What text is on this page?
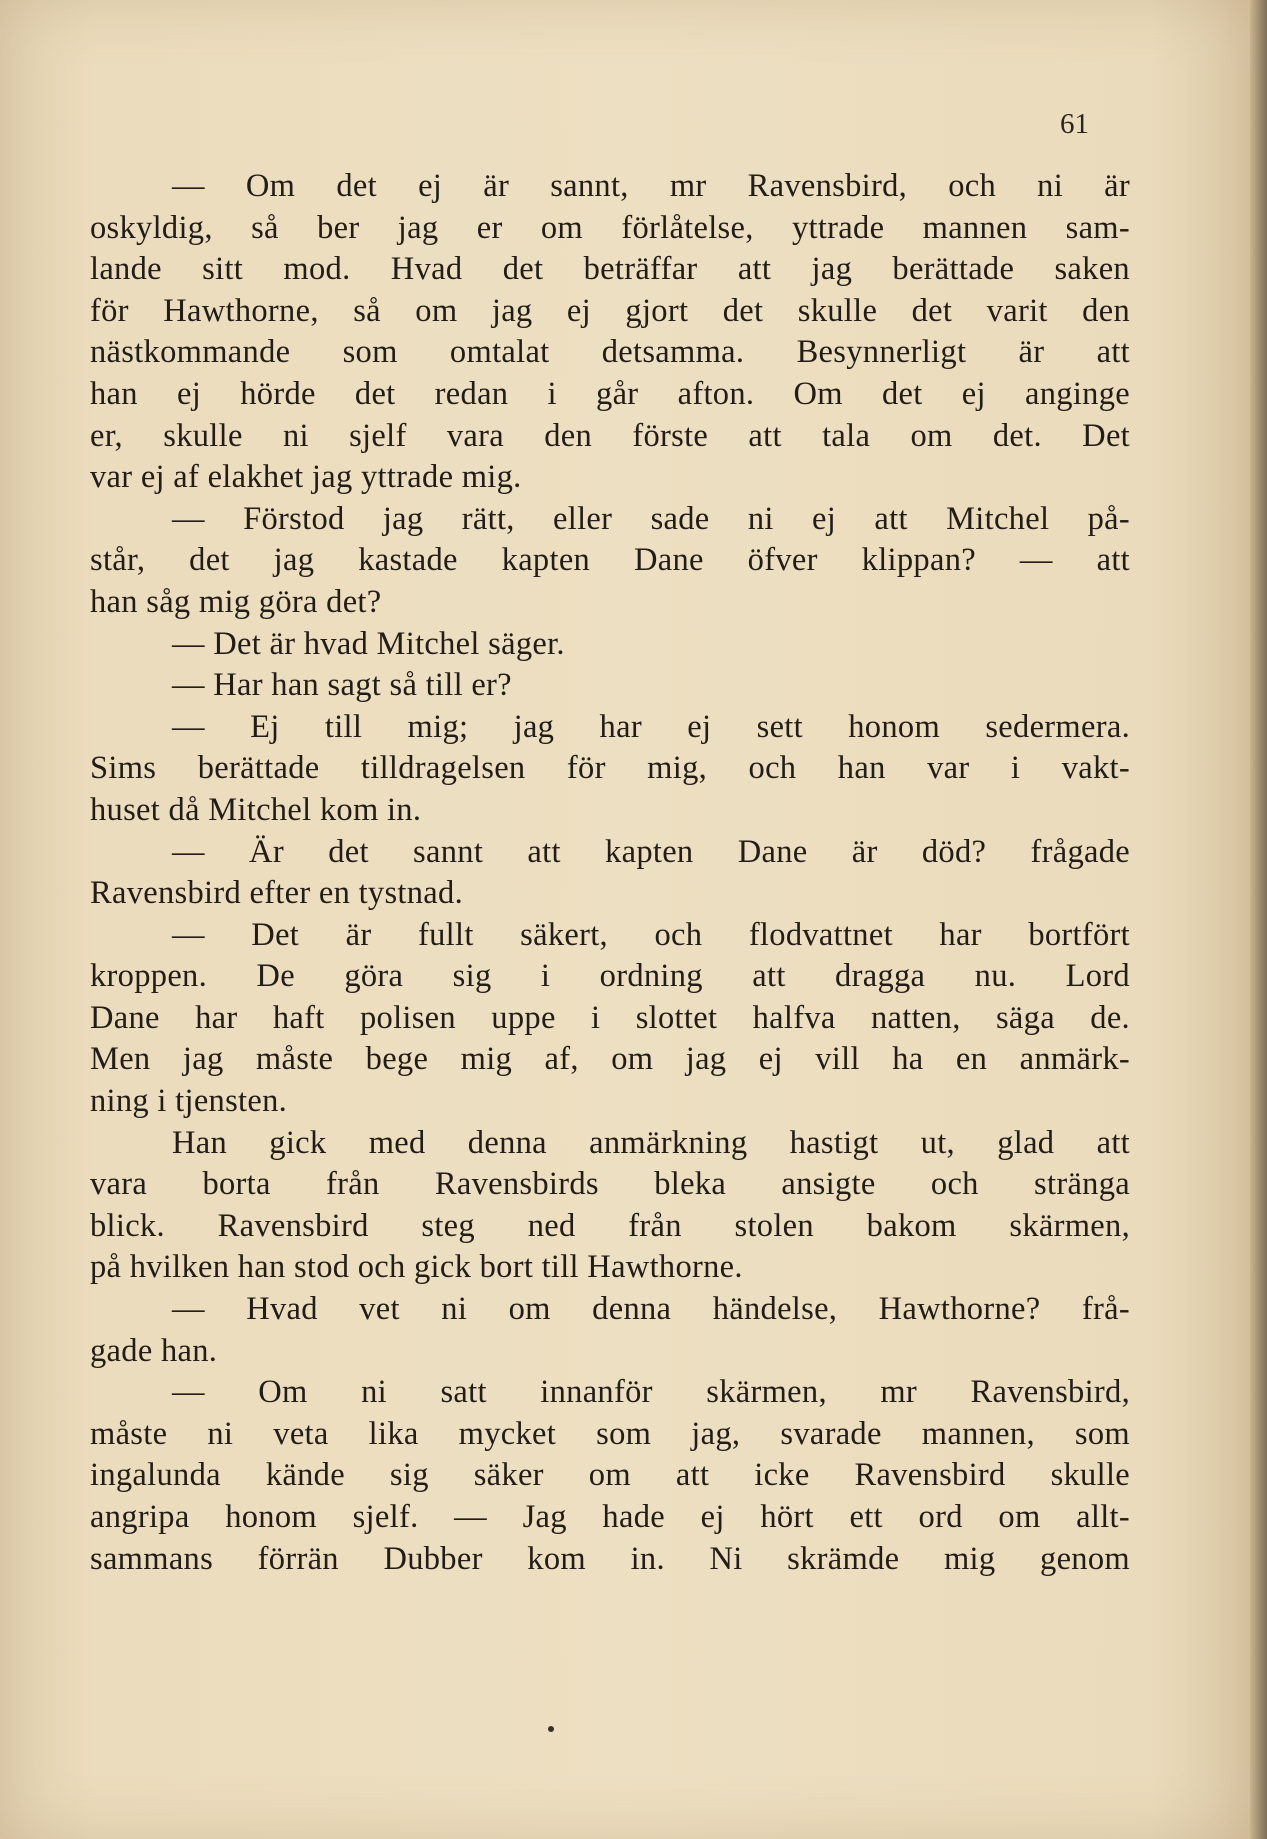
61
— Om det ej är sannt, mr Ravensbird, och ni är
oskyldig, så ber jag er om förlåtelse, yttrade mannen sam-
lande sitt mod. Hvad det beträffar att jag berättade saken
för Hawthorne, så om jag ej gjort det skulle det varit den
nästkommande som omtalat detsamma. Besynnerligt är att
han ej hörde det redan i går afton. Om det ej anginge
er, skulle ni sjelf vara den förste att tala om det. Det
var ej af elakhet jag yttrade mig.
— Förstod jag rätt, eller sade ni ej att Mitchel på-
står, det jag kastade kapten Dane öfver klippan? — att
han såg mig göra det?
— Det är hvad Mitchel säger.
— Har han sagt så till er?
— Ej till mig; jag har ej sett honom sedermera.
Sims berättade tilldragelsen för mig, och han var i vakt-
huset då Mitchel kom in.
— Är det sannt att kapten Dane är död? frågade
Ravensbird efter en tystnad.
— Det är fullt säkert, och flodvattnet har bortfört
kroppen. De göra sig i ordning att dragga nu. Lord
Dane har haft polisen uppe i slottet halfva natten, säga de.
Men jag måste bege mig af, om jag ej vill ha en anmärk-
ning i tjensten.
Han gick med denna anmärkning hastigt ut, glad att
vara borta från Ravensbirds bleka ansigte och stränga
blick. Ravensbird steg ned från stolen bakom skärmen,
på hvilken han stod och gick bort till Hawthorne.
— Hvad vet ni om denna händelse, Hawthorne? frå-
gade han.
— Om ni satt innanför skärmen, mr Ravensbird,
måste ni veta lika mycket som jag, svarade mannen, som
ingalunda kände sig säker om att icke Ravensbird skulle
angripa honom sjelf. — Jag hade ej hört ett ord om allt-
sammans förrän Dubber kom in. Ni skrämde mig genom
